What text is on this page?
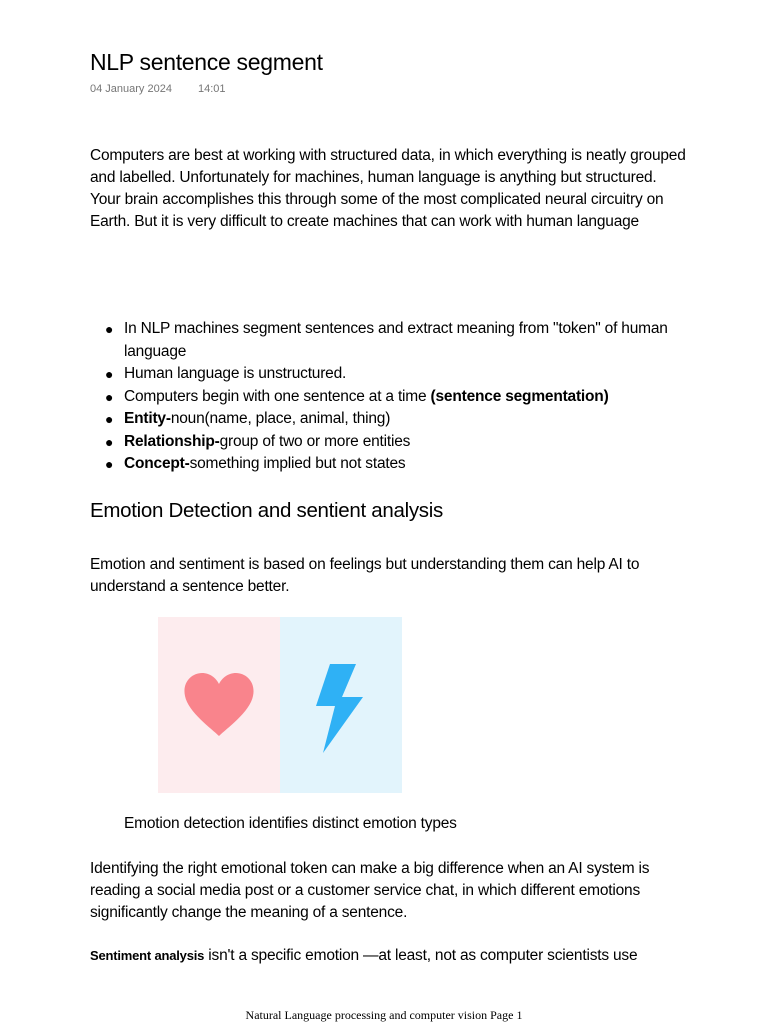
NLP sentence segment
04 January 2024 14:01
Computers are best at working with structured data, in which everything is neatly grouped and labelled. Unfortunately for machines, human language is anything but structured. Your brain accomplishes this through some of the most complicated neural circuitry on Earth. But it is very difficult to create machines that can work with human language
● In NLP machines segment sentences and extract meaning from "token" of human language
● Human language is unstructured.
● Computers begin with one sentence at a time (sentence segmentation)
● Entity-noun(name, place, animal, thing)
● Relationship-group of two or more entities
● Concept-something implied but not states
Emotion Detection and sentient analysis
Emotion and sentiment is based on feelings but understanding them can help AI to understand a sentence better.
Emotion detection identifies distinct emotion types
Identifying the right emotional token can make a big difference when an AI system is reading a social media post or a customer service chat, in which different emotions significantly change the meaning of a sentence.
Sentiment analysis isn't a specific emotion —at least, not as computer scientists use
Natural Language processing and computer vision Page 1
